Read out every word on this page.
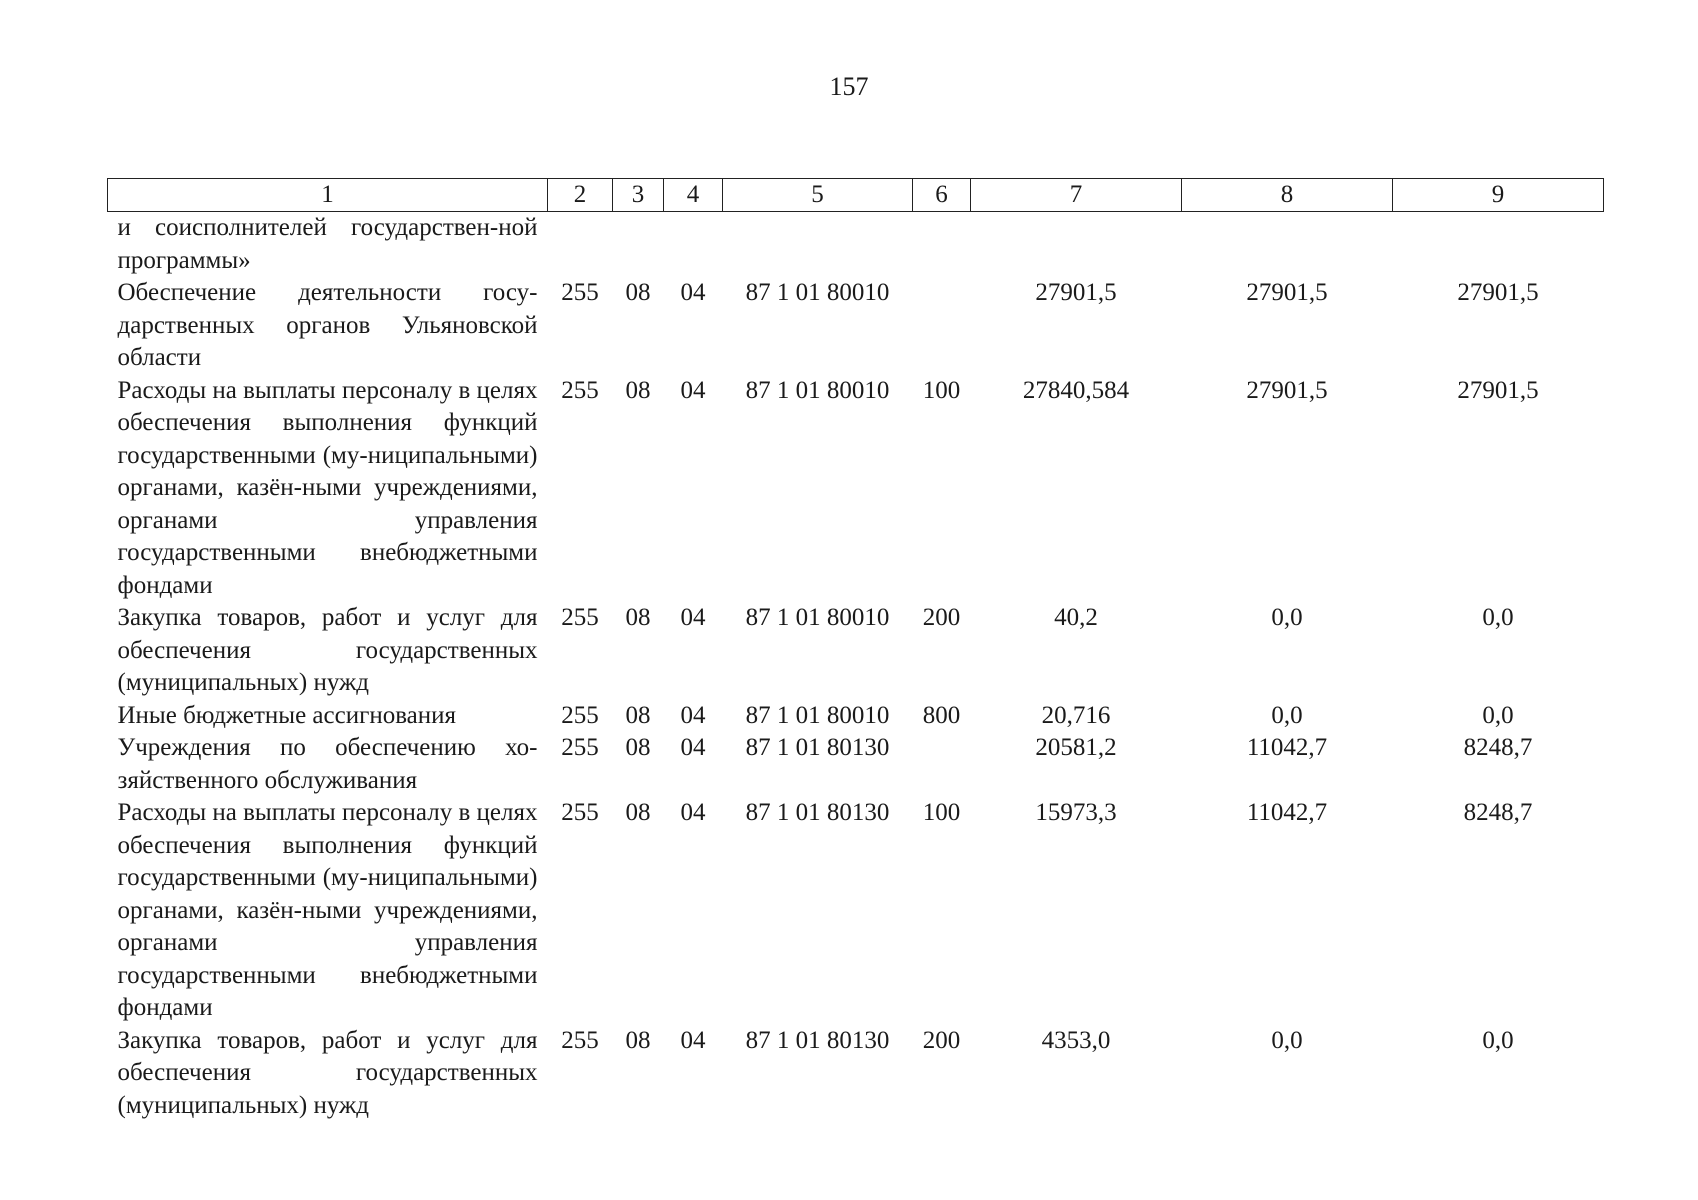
157
1	2	3	4	5	6	7	8	9
и соисполнителей государствен-ной программы»								
Обеспечение деятельности госу-дарственных органов Ульяновской области	255	08	04	87 1 01 80010		27901,5	27901,5	27901,5
Расходы на выплаты персоналу в целях обеспечения выполнения функций государственными (му-ниципальными) органами, казён-ными учреждениями, органами управления государственными внебюджетными фондами	255	08	04	87 1 01 80010	100	27840,584	27901,5	27901,5
Закупка товаров, работ и услуг для обеспечения государственных (муниципальных) нужд	255	08	04	87 1 01 80010	200	40,2	0,0	0,0
Иные бюджетные ассигнования	255	08	04	87 1 01 80010	800	20,716	0,0	0,0
Учреждения по обеспечению хо-зяйственного обслуживания	255	08	04	87 1 01 80130		20581,2	11042,7	8248,7
Расходы на выплаты персоналу в целях обеспечения выполнения функций государственными (му-ниципальными) органами, казён-ными учреждениями, органами управления государственными внебюджетными фондами	255	08	04	87 1 01 80130	100	15973,3	11042,7	8248,7
Закупка товаров, работ и услуг для обеспечения государственных (муниципальных) нужд	255	08	04	87 1 01 80130	200	4353,0	0,0	0,0
